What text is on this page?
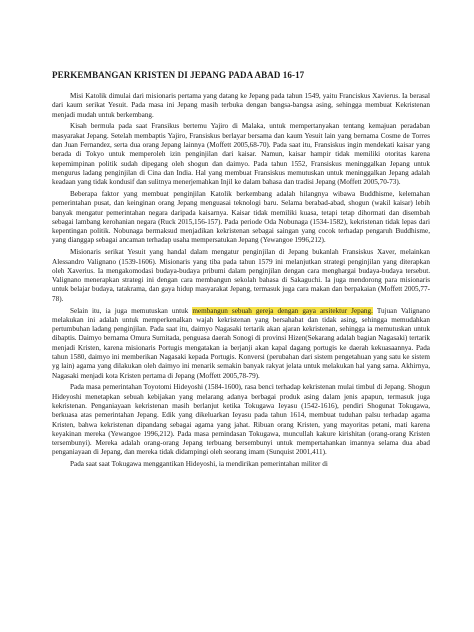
PERKEMBANGAN KRISTEN DI JEPANG PADA ABAD 16-17

Misi Katolik dimulai dari misionaris pertama yang datang ke Jepang pada tahun 1549, yaitu Franciskus Xavierus. Ia berasal dari kaum serikat Yesuit. Pada masa ini Jepang masih terbuka dengan bangsa-bangsa asing, sehingga membuat Kekristenan menjadi mudah untuk berkembang.

Kisah bermula pada saat Fransikus bertemu Yajiro di Malaka, untuk mempertanyakan tentang kemajuan peradaban masyarakat Jepang. Setelah membaptis Yajiro, Fransiskus berlayar bersama dan kaum Yesuit lain yang bernama Cosme de Torres dan Juan Fernandez, serta dua orang Jepang lainnya (Moffett 2005,68-70). Pada saat itu, Fransiskus ingin mendekati kaisar yang berada di Tokyo untuk memperoleh izin penginjilan dari kaisar. Namun, kaisar hampir tidak memiliki otoritas karena kepemimpinan politik sudah dipegang oleh shogun dan daimyo. Pada tahun 1552, Fransiskus meninggalkan Jepang untuk mengurus ladang penginjilan di Cina dan India. Hal yang membuat Fransiskus memutuskan untuk meninggalkan Jepang adalah keadaan yang tidak kondusif dan sulitnya menerjemahkan Injil ke dalam bahasa dan tradisi Jepang (Moffett 2005,70-73).

Beberapa faktor yang membuat penginjilan Katolik berkembang adalah hilangnya wibawa Buddhisme, kelemahan pemerintahan pusat, dan keinginan orang Jepang menguasai teknologi baru. Selama berabad-abad, shogun (wakil kaisar) lebih banyak mengatur pemerintahan negara daripada kaisarnya. Kaisar tidak memiliki kuasa, tetapi tetap dihormati dan disembah sebagai lambang kerohanian negara (Ruck 2015,156-157). Pada periode Oda Nobunaga (1534-1582), kekristenan tidak lepas dari kepentingan politik. Nobunaga bermaksud menjadikan kekristenan sebagai saingan yang cocok terhadap pengaruh Buddhisme, yang dianggap sebagai ancaman terhadap usaha mempersatukan Jepang (Yewangoe 1996,212).

Misionaris serikat Yesuit yang handal dalam mengatur penginjilan di Jepang bukanlah Fransiskus Xaver, melainkan Alessandro Valignano (1539-1606). Misionaris yang tiba pada tahun 1579 ini melanjutkan strategi penginjilan yang diterapkan oleh Xaverius. Ia mengakomodasi budaya-budaya pribumi dalam penginjilan dengan cara menghargai budaya-budaya tersebut. Valignano menerapkan strategi ini dengan cara membangun sekolah bahasa di Sakaguchi. Ia juga mendorong para misionaris untuk belajar budaya, tatakrama, dan gaya hidup masyarakat Jepang, termasuk juga cara makan dan berpakaian (Moffett 2005,77-78).

Selain itu, ia juga memutuskan untuk membangun sebuah gereja dengan gaya arsitektur Jepang. Tujuan Valignano melakukan ini adalah untuk memperkenalkan wajah kekristenan yang bersahabat dan tidak asing, sehingga memudahkan pertumbuhan ladang penginjilan. Pada saat itu, daimyo Nagasaki tertarik akan ajaran kekristenan, sehingga ia memutuskan untuk dibaptis. Daimyo bernama Omura Sumitada, penguasa daerah Sonogi di provinsi Hizen(Sekarang adalah bagian Nagasaki) tertarik menjadi Kristen, karena misionaris Portugis mengatakan ia berjanji akan kapal dagang portugis ke daerah kekuasaannya. Pada tahun 1580, daimyo ini memberikan Nagasaki kepada Portugis. Konversi (perubahan dari sistem pengetahuan yang satu ke sistem yg lain) agama yang dilakukan oleh daimyo ini menarik semakin banyak rakyat jelata untuk melakukan hal yang sama. Akhirnya, Nagasaki menjadi kota Kristen pertama di Jepang (Moffett 2005,78-79).

Pada masa pemerintahan Toyotomi Hideyoshi (1584-1600), rasa benci terhadap kekristenan mulai timbul di Jepang. Shogun Hideyoshi menetapkan sebuah kebijakan yang melarang adanya berbagai produk asing dalam jenis apapun, termasuk juga kekristenan. Penganiayaan kekristenan masih berlanjut ketika Tokugawa Ieyasu (1542-1616), pendiri Shogunat Tokugawa, berkuasa atas pemerintahan Jepang. Edik yang dikeluarkan Ieyasu pada tahun 1614, membuat tuduhan palsu terhadap agama Kristen, bahwa kekristenan dipandang sebagai agama yang jahat. Ribuan orang Kristen, yang mayoritas petani, mati karena keyakinan mereka (Yewangoe 1996,212). Pada masa pemindasan Tokugawa, muncullah kakure kirishitan (orang-orang Kristen tersembunyi). Mereka adalah orang-orang Jepang terbuang bersembunyi untuk mempertahankan imannya selama dua abad penganiayaan di Jepang, dan mereka tidak didampingi oleh seorang imam (Sunquist 2001,411).

Pada saat saat Tokugawa menggantikan Hideyoshi, ia mendirikan pemerintahan militer di
